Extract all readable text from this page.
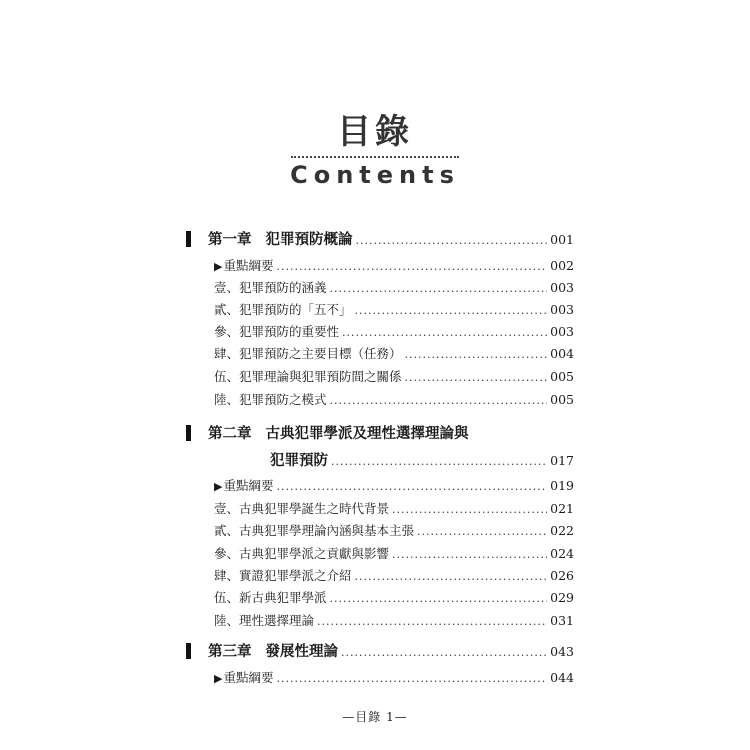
目錄
Contents
第一章 犯罪預防概論 .....	001
▶ 重點綱要 .....	002
壹、犯罪預防的涵義 .....	003
貳、犯罪預防的「五不」 .....	003
參、犯罪預防的重要性 .....	003
肆、犯罪預防之主要目標（任務） .....	004
伍、犯罪理論與犯罪預防間之關係 .....	005
陸、犯罪預防之模式 .....	005
第二章 古典犯罪學派及理性選擇理論與
犯罪預防 .....	017
▶ 重點綱要 .....	019
壹、古典犯罪學誕生之時代背景 .....	021
貳、古典犯罪學理論內涵與基本主張 .....	022
參、古典犯罪學派之貢獻與影響 .....	024
肆、實證犯罪學派之介紹 .....	026
伍、新古典犯罪學派 .....	029
陸、理性選擇理論 .....	031
第三章 發展性理論 .....	043
▶ 重點綱要 .....	044
—目錄 1—
